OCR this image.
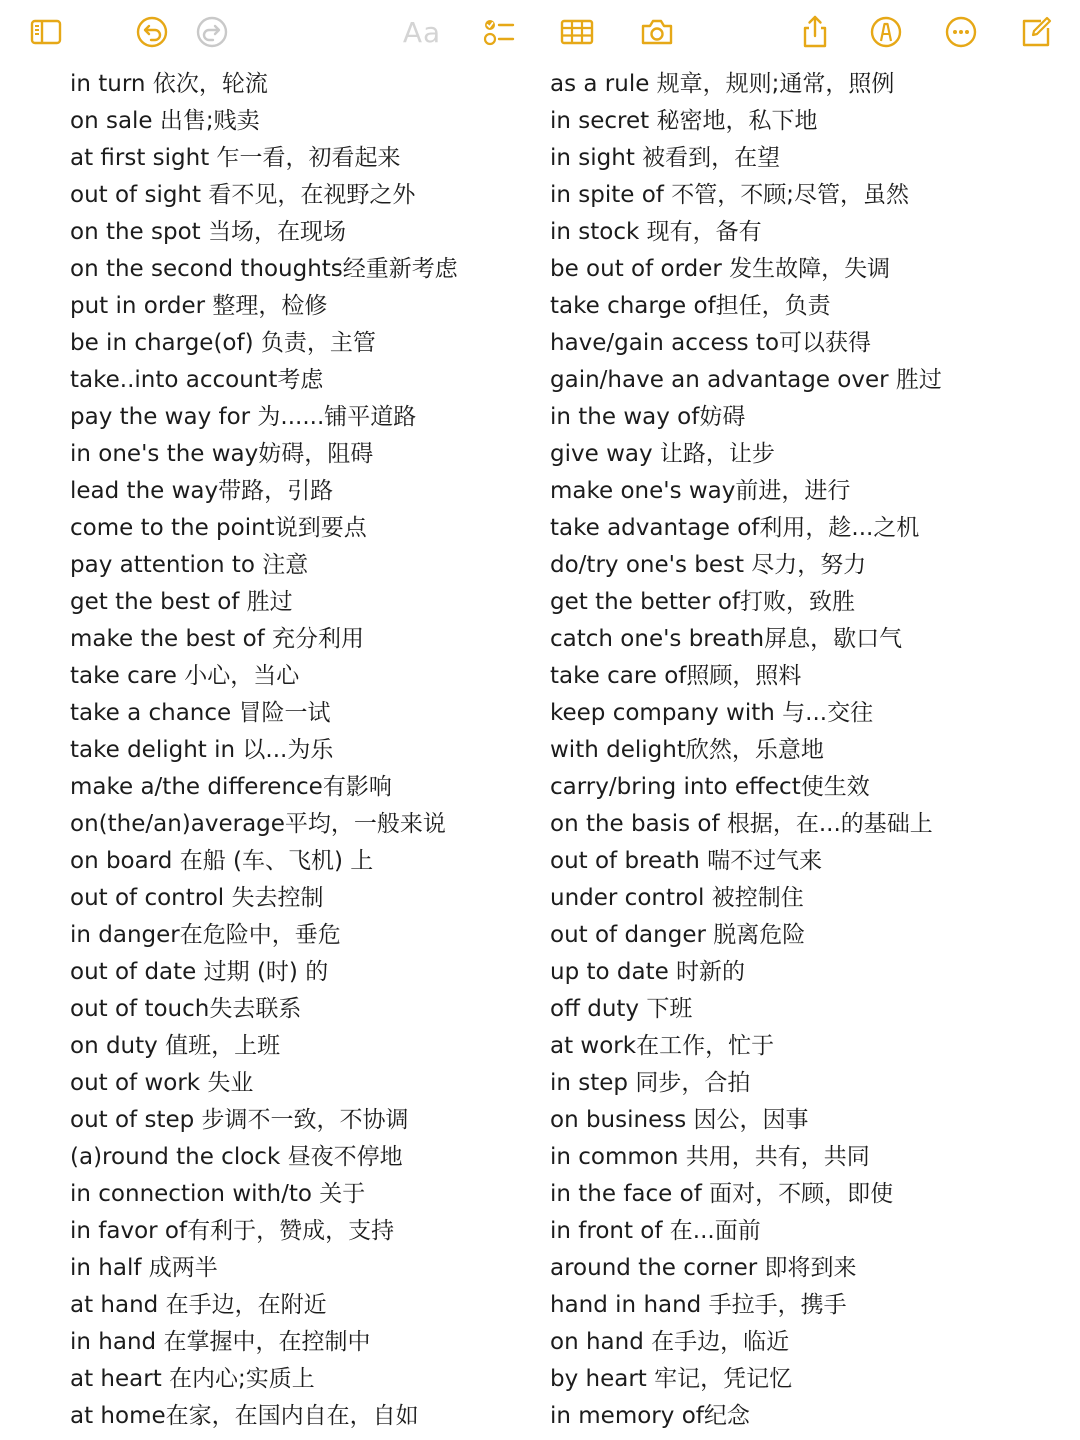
Aa
in turn 依次，轮流
on sale 出售;贱卖
at first sight 乍一看，初看起来
out of sight 看不见，在视野之外
on the spot 当场，在现场
on the second thoughts经重新考虑
put in order 整理，检修
be in charge(of) 负责，主管
take..into account考虑
pay the way for 为......铺平道路
in one's the way妨碍，阻碍
lead the way带路，引路
come to the point说到要点
pay attention to 注意
get the best of 胜过
make the best of 充分利用
take care 小心，当心
take a chance 冒险一试
take delight in 以...为乐
make a/the difference有影响
on(the/an)average平均，一般来说
on board 在船 (车、飞机) 上
out of control 失去控制
in danger在危险中，垂危
out of date 过期 (时) 的
out of touch失去联系
on duty 值班，上班
out of work 失业
out of step 步调不一致，不协调
(a)round the clock 昼夜不停地
in connection with/to 关于
in favor of有利于，赞成，支持
in half 成两半
at hand 在手边，在附近
in hand 在掌握中，在控制中
at heart 在内心;实质上
at home在家，在国内自在，自如
as a rule 规章，规则;通常，照例
in secret 秘密地，私下地
in sight 被看到，在望
in spite of 不管，不顾;尽管，虽然
in stock 现有，备有
be out of order 发生故障，失调
take charge of担任，负责
have/gain access to可以获得
gain/have an advantage over 胜过
in the way of妨碍
give way 让路，让步
make one's way前进，进行
take advantage of利用，趁...之机
do/try one's best 尽力，努力
get the better of打败，致胜
catch one's breath屏息，歇口气
take care of照顾，照料
keep company with 与...交往
with delight欣然，乐意地
carry/bring into effect使生效
on the basis of 根据，在...的基础上
out of breath 喘不过气来
under control 被控制住
out of danger 脱离危险
up to date 时新的
off duty 下班
at work在工作，忙于
in step 同步，合拍
on business 因公，因事
in common 共用，共有，共同
in the face of 面对，不顾，即使
in front of 在...面前
around the corner 即将到来
hand in hand 手拉手，携手
on hand 在手边，临近
by heart 牢记，凭记忆
in memory of纪念
